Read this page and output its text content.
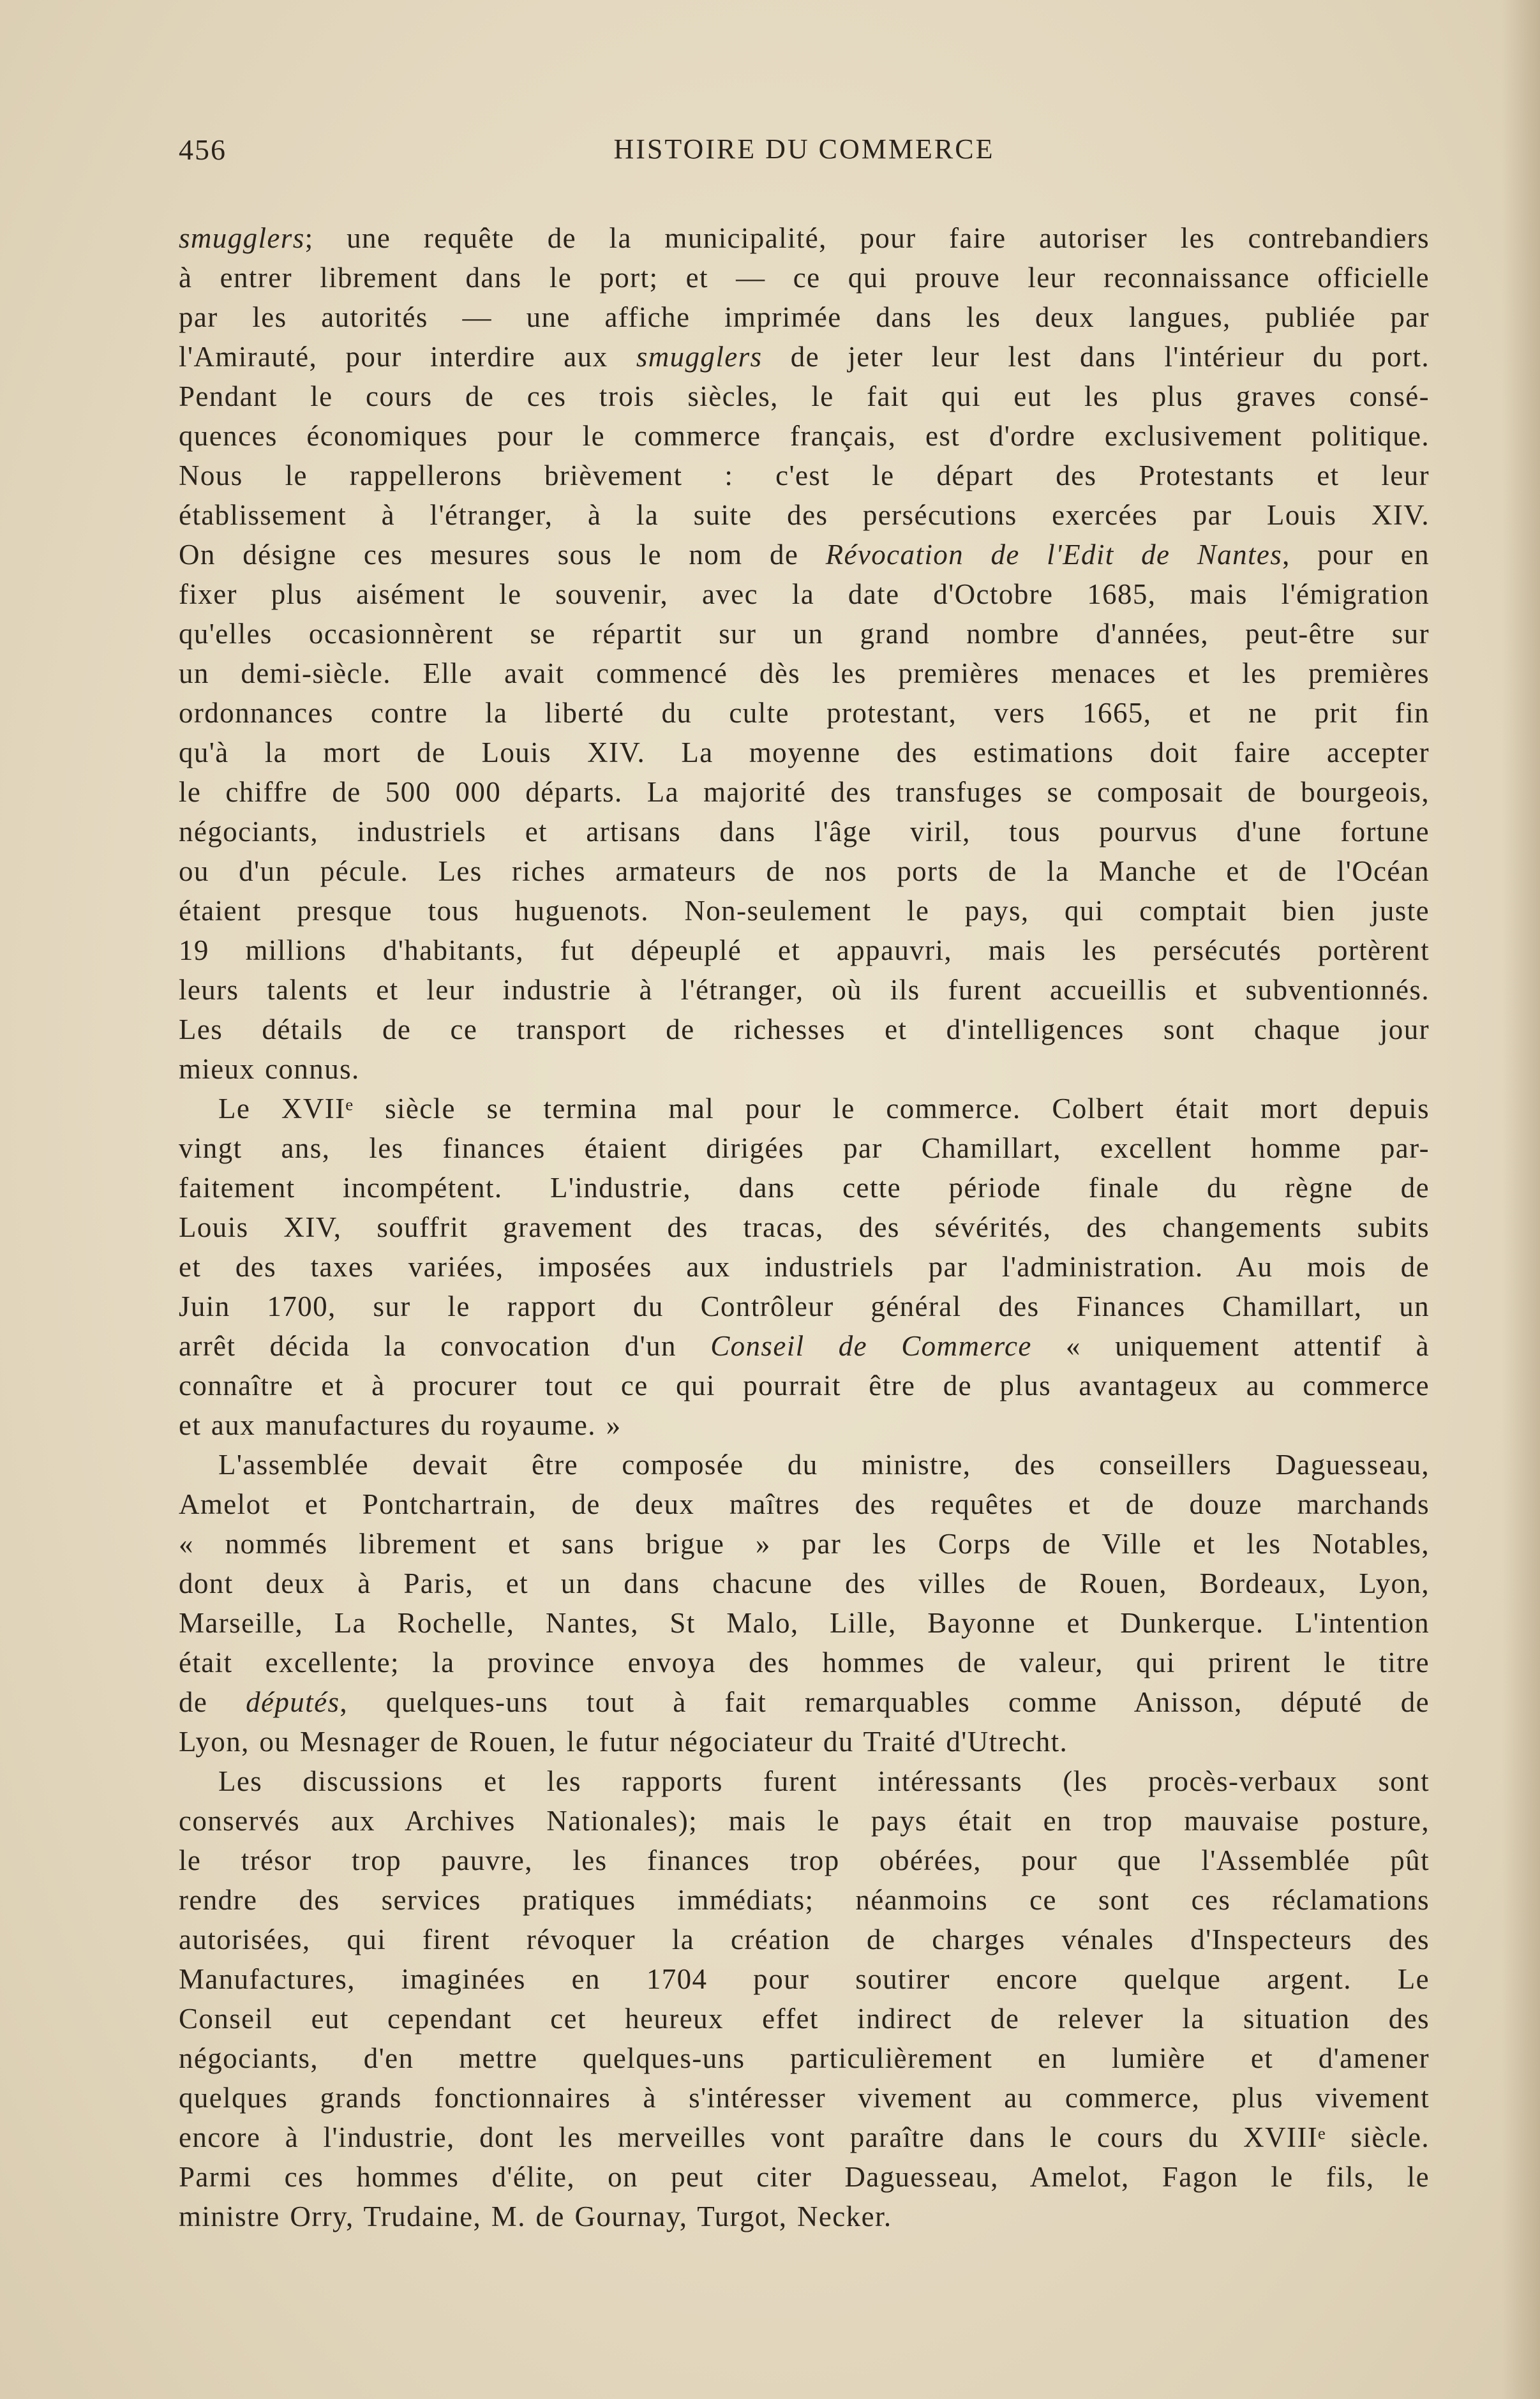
456	HISTOIRE DU COMMERCE
smugglers; une requête de la municipalité, pour faire autoriser les contrebandiers
à entrer librement dans le port; et — ce qui prouve leur reconnaissance officielle
par les autorités — une affiche imprimée dans les deux langues, publiée par
l'Amirauté, pour interdire aux smugglers de jeter leur lest dans l'intérieur du port.
Pendant le cours de ces trois siècles, le fait qui eut les plus graves consé-
quences économiques pour le commerce français, est d'ordre exclusivement politique.
Nous le rappellerons brièvement : c'est le départ des Protestants et leur
établissement à l'étranger, à la suite des persécutions exercées par Louis XIV.
On désigne ces mesures sous le nom de Révocation de l'Edit de Nantes, pour en
fixer plus aisément le souvenir, avec la date d'Octobre 1685, mais l'émigration
qu'elles occasionnèrent se répartit sur un grand nombre d'années, peut-être sur
un demi-siècle. Elle avait commencé dès les premières menaces et les premières
ordonnances contre la liberté du culte protestant, vers 1665, et ne prit fin
qu'à la mort de Louis XIV. La moyenne des estimations doit faire accepter
le chiffre de 500 000 départs. La majorité des transfuges se composait de bourgeois,
négociants, industriels et artisans dans l'âge viril, tous pourvus d'une fortune
ou d'un pécule. Les riches armateurs de nos ports de la Manche et de l'Océan
étaient presque tous huguenots. Non-seulement le pays, qui comptait bien juste
19 millions d'habitants, fut dépeuplé et appauvri, mais les persécutés portèrent
leurs talents et leur industrie à l'étranger, où ils furent accueillis et subventionnés.
Les détails de ce transport de richesses et d'intelligences sont chaque jour
mieux connus.
Le XVIIᵉ siècle se termina mal pour le commerce. Colbert était mort depuis
vingt ans, les finances étaient dirigées par Chamillart, excellent homme par-
faitement incompétent. L'industrie, dans cette période finale du règne de
Louis XIV, souffrit gravement des tracas, des sévérités, des changements subits
et des taxes variées, imposées aux industriels par l'administration. Au mois de
Juin 1700, sur le rapport du Contrôleur général des Finances Chamillart, un
arrêt décida la convocation d'un Conseil de Commerce « uniquement attentif à
connaître et à procurer tout ce qui pourrait être de plus avantageux au commerce
et aux manufactures du royaume. »
L'assemblée devait être composée du ministre, des conseillers Daguesseau,
Amelot et Pontchartrain, de deux maîtres des requêtes et de douze marchands
« nommés librement et sans brigue » par les Corps de Ville et les Notables,
dont deux à Paris, et un dans chacune des villes de Rouen, Bordeaux, Lyon,
Marseille, La Rochelle, Nantes, St Malo, Lille, Bayonne et Dunkerque. L'intention
était excellente; la province envoya des hommes de valeur, qui prirent le titre
de députés, quelques-uns tout à fait remarquables comme Anisson, député de
Lyon, ou Mesnager de Rouen, le futur négociateur du Traité d'Utrecht.
Les discussions et les rapports furent intéressants (les procès-verbaux sont
conservés aux Archives Nationales); mais le pays était en trop mauvaise posture,
le trésor trop pauvre, les finances trop obérées, pour que l'Assemblée pût
rendre des services pratiques immédiats; néanmoins ce sont ces réclamations
autorisées, qui firent révoquer la création de charges vénales d'Inspecteurs des
Manufactures, imaginées en 1704 pour soutirer encore quelque argent. Le
Conseil eut cependant cet heureux effet indirect de relever la situation des
négociants, d'en mettre quelques-uns particulièrement en lumière et d'amener
quelques grands fonctionnaires à s'intéresser vivement au commerce, plus vivement
encore à l'industrie, dont les merveilles vont paraître dans le cours du XVIIIᵉ siècle.
Parmi ces hommes d'élite, on peut citer Daguesseau, Amelot, Fagon le fils, le
ministre Orry, Trudaine, M. de Gournay, Turgot, Necker.
